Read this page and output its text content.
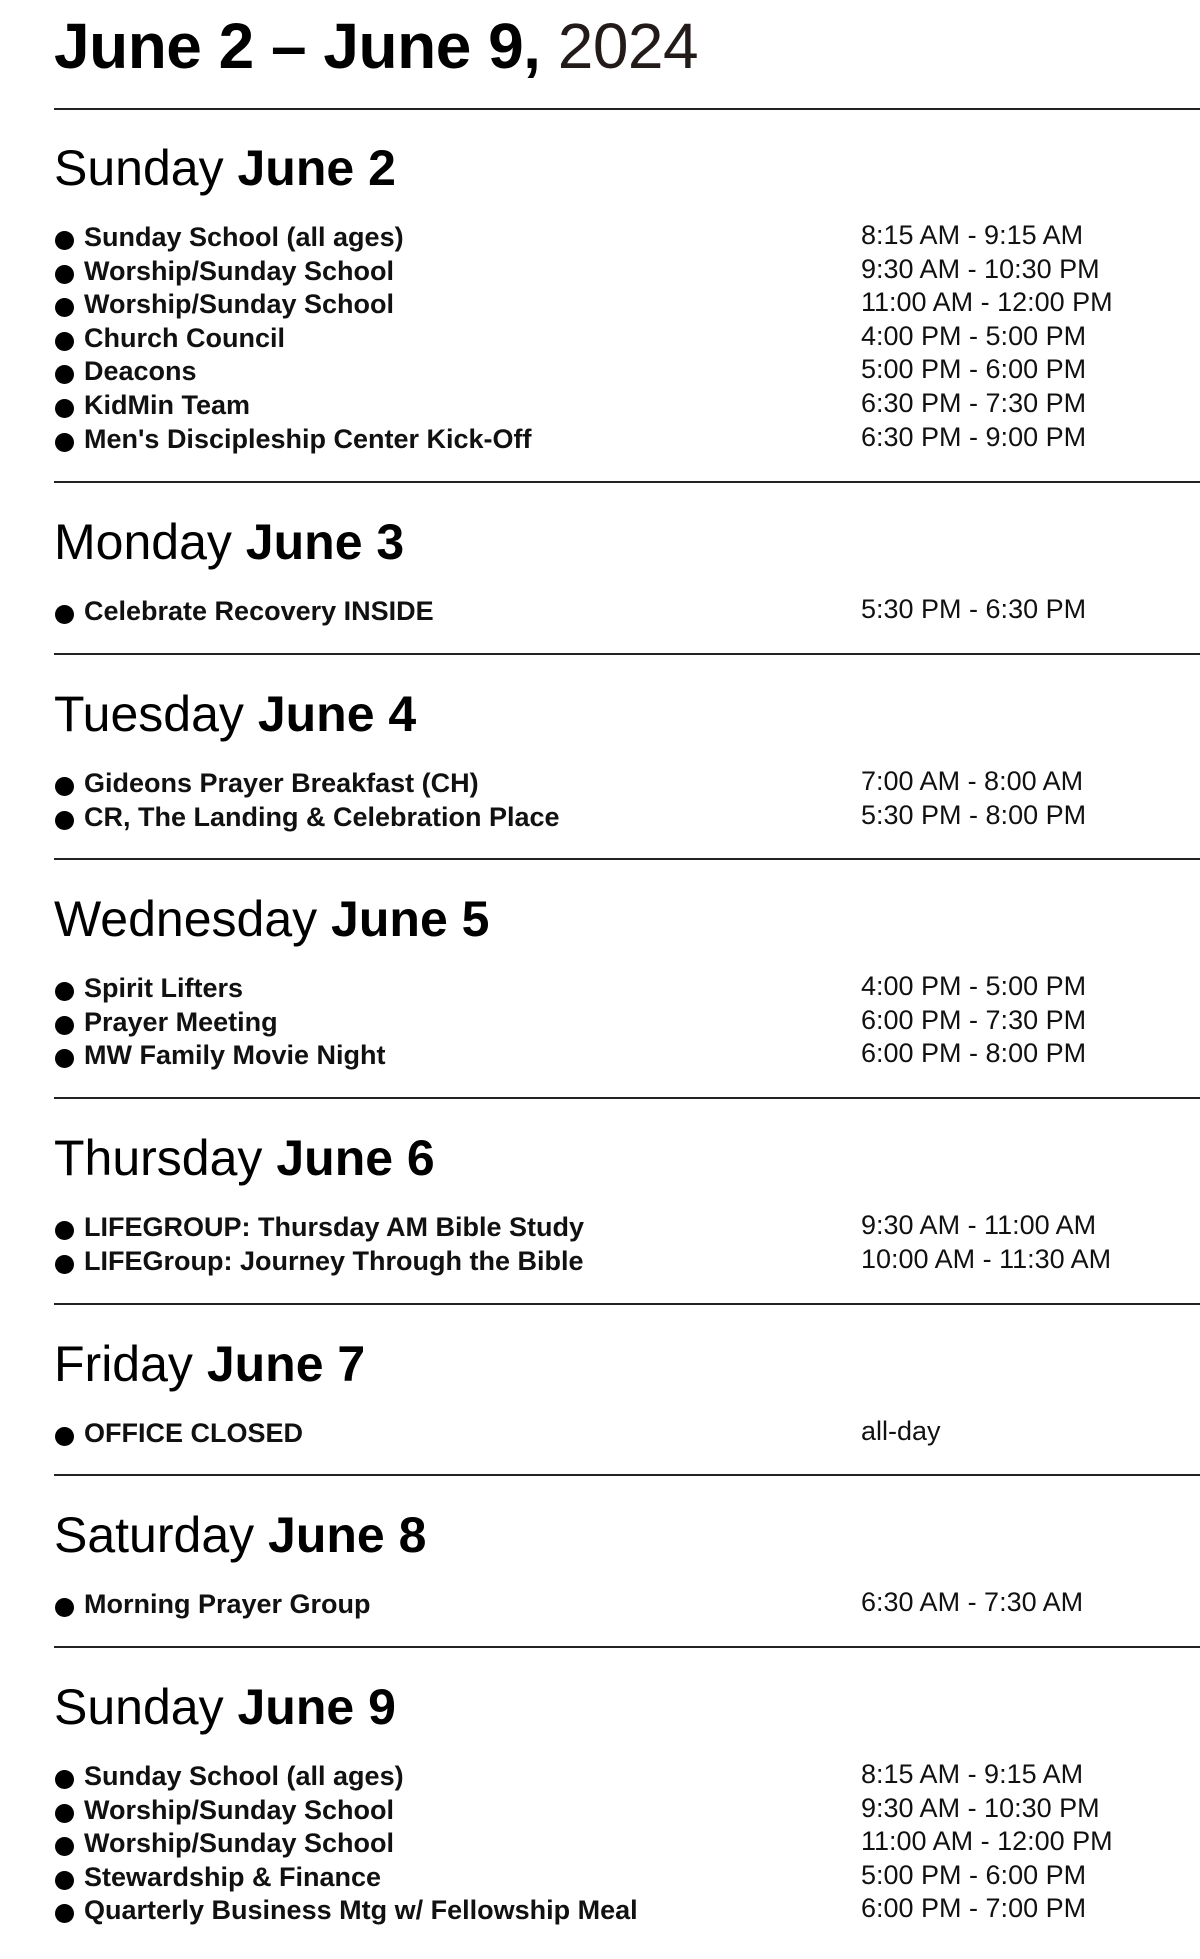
June 2 – June 9, 2024
Sunday June 2
Sunday School (all ages)	8:15 AM - 9:15 AM
Worship/Sunday School	9:30 AM - 10:30 PM
Worship/Sunday School	11:00 AM - 12:00 PM
Church Council	4:00 PM - 5:00 PM
Deacons	5:00 PM - 6:00 PM
KidMin Team	6:30 PM - 7:30 PM
Men's Discipleship Center Kick-Off	6:30 PM - 9:00 PM
Monday June 3
Celebrate Recovery INSIDE	5:30 PM - 6:30 PM
Tuesday June 4
Gideons Prayer Breakfast (CH)	7:00 AM - 8:00 AM
CR, The Landing & Celebration Place	5:30 PM - 8:00 PM
Wednesday June 5
Spirit Lifters	4:00 PM - 5:00 PM
Prayer Meeting	6:00 PM - 7:30 PM
MW Family Movie Night	6:00 PM - 8:00 PM
Thursday June 6
LIFEGROUP: Thursday AM Bible Study	9:30 AM - 11:00 AM
LIFEGroup: Journey Through the Bible	10:00 AM - 11:30 AM
Friday June 7
OFFICE CLOSED	all-day
Saturday June 8
Morning Prayer Group	6:30 AM - 7:30 AM
Sunday June 9
Sunday School (all ages)	8:15 AM - 9:15 AM
Worship/Sunday School	9:30 AM - 10:30 PM
Worship/Sunday School	11:00 AM - 12:00 PM
Stewardship & Finance	5:00 PM - 6:00 PM
Quarterly Business Mtg w/ Fellowship Meal	6:00 PM - 7:00 PM
